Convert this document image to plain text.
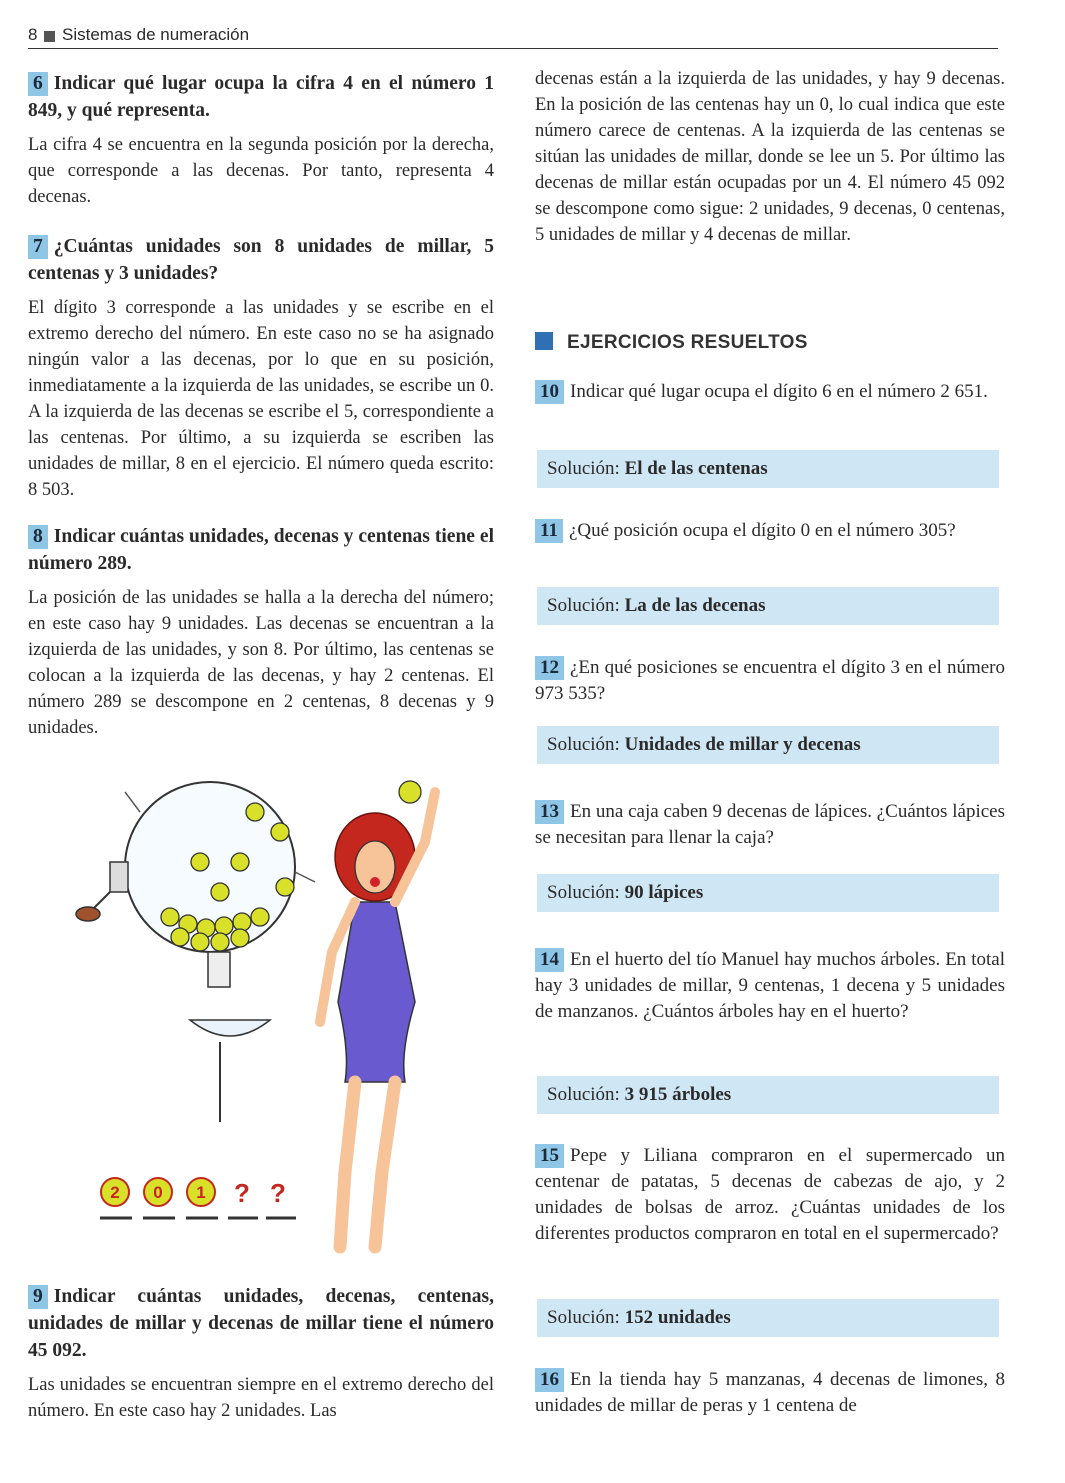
8 Sistemas de numeración

6 Indicar qué lugar ocupa la cifra 4 en el número 1 849, y qué representa.

La cifra 4 se encuentra en la segunda posición por la derecha, que corresponde a las decenas. Por tanto, representa 4 decenas.

7 ¿Cuántas unidades son 8 unidades de millar, 5 centenas y 3 unidades?

El dígito 3 corresponde a las unidades y se escribe en el extremo derecho del número. En este caso no se ha asignado ningún valor a las decenas, por lo que en su posición, inmediatamente a la izquierda de las unidades, se escribe un 0. A la izquierda de las decenas se escribe el 5, correspondiente a las centenas. Por último, a su izquierda se escriben las unidades de millar, 8 en el ejercicio. El número queda escrito: 8 503.

8 Indicar cuántas unidades, decenas y centenas tiene el número 289.

La posición de las unidades se halla a la derecha del número; en este caso hay 9 unidades. Las decenas se encuentran a la izquierda de las unidades, y son 8. Por último, las centenas se colocan a la izquierda de las decenas, y hay 2 centenas. El número 289 se descompone en 2 centenas, 8 decenas y 9 unidades.

9 Indicar cuántas unidades, decenas, centenas, unidades de millar y decenas de millar tiene el número 45 092.

Las unidades se encuentran siempre en el extremo derecho del número. En este caso hay 2 unidades. Las

2 0 1 ? ?

decenas están a la izquierda de las unidades, y hay 9 decenas. En la posición de las centenas hay un 0, lo cual indica que este número carece de centenas. A la izquierda de las centenas se sitúan las unidades de millar, donde se lee un 5. Por último las decenas de millar están ocupadas por un 4. El número 45 092 se descompone como sigue: 2 unidades, 9 decenas, 0 centenas, 5 unidades de millar y 4 decenas de millar.

EJERCICIOS RESUELTOS
10 Indicar qué lugar ocupa el dígito 6 en el número 2 651.
Solución: El de las centenas
11 ¿Qué posición ocupa el dígito 0 en el número 305?
Solución: La de las decenas
12 ¿En qué posiciones se encuentra el dígito 3 en el número 973 535?
Solución: Unidades de millar y decenas
13 En una caja caben 9 decenas de lápices. ¿Cuántos lápices se necesitan para llenar la caja?
Solución: 90 lápices
14 En el huerto del tío Manuel hay muchos árboles. En total hay 3 unidades de millar, 9 centenas, 1 decena y 5 unidades de manzanos. ¿Cuántos árboles hay en el huerto?
Solución: 3 915 árboles
15 Pepe y Liliana compraron en el supermercado un centenar de patatas, 5 decenas de cabezas de ajo, y 2 unidades de bolsas de arroz. ¿Cuántas unidades de los diferentes productos compraron en total en el supermercado?
Solución: 152 unidades
16 En la tienda hay 5 manzanas, 4 decenas de limones, 8 unidades de millar de peras y 1 centena de
